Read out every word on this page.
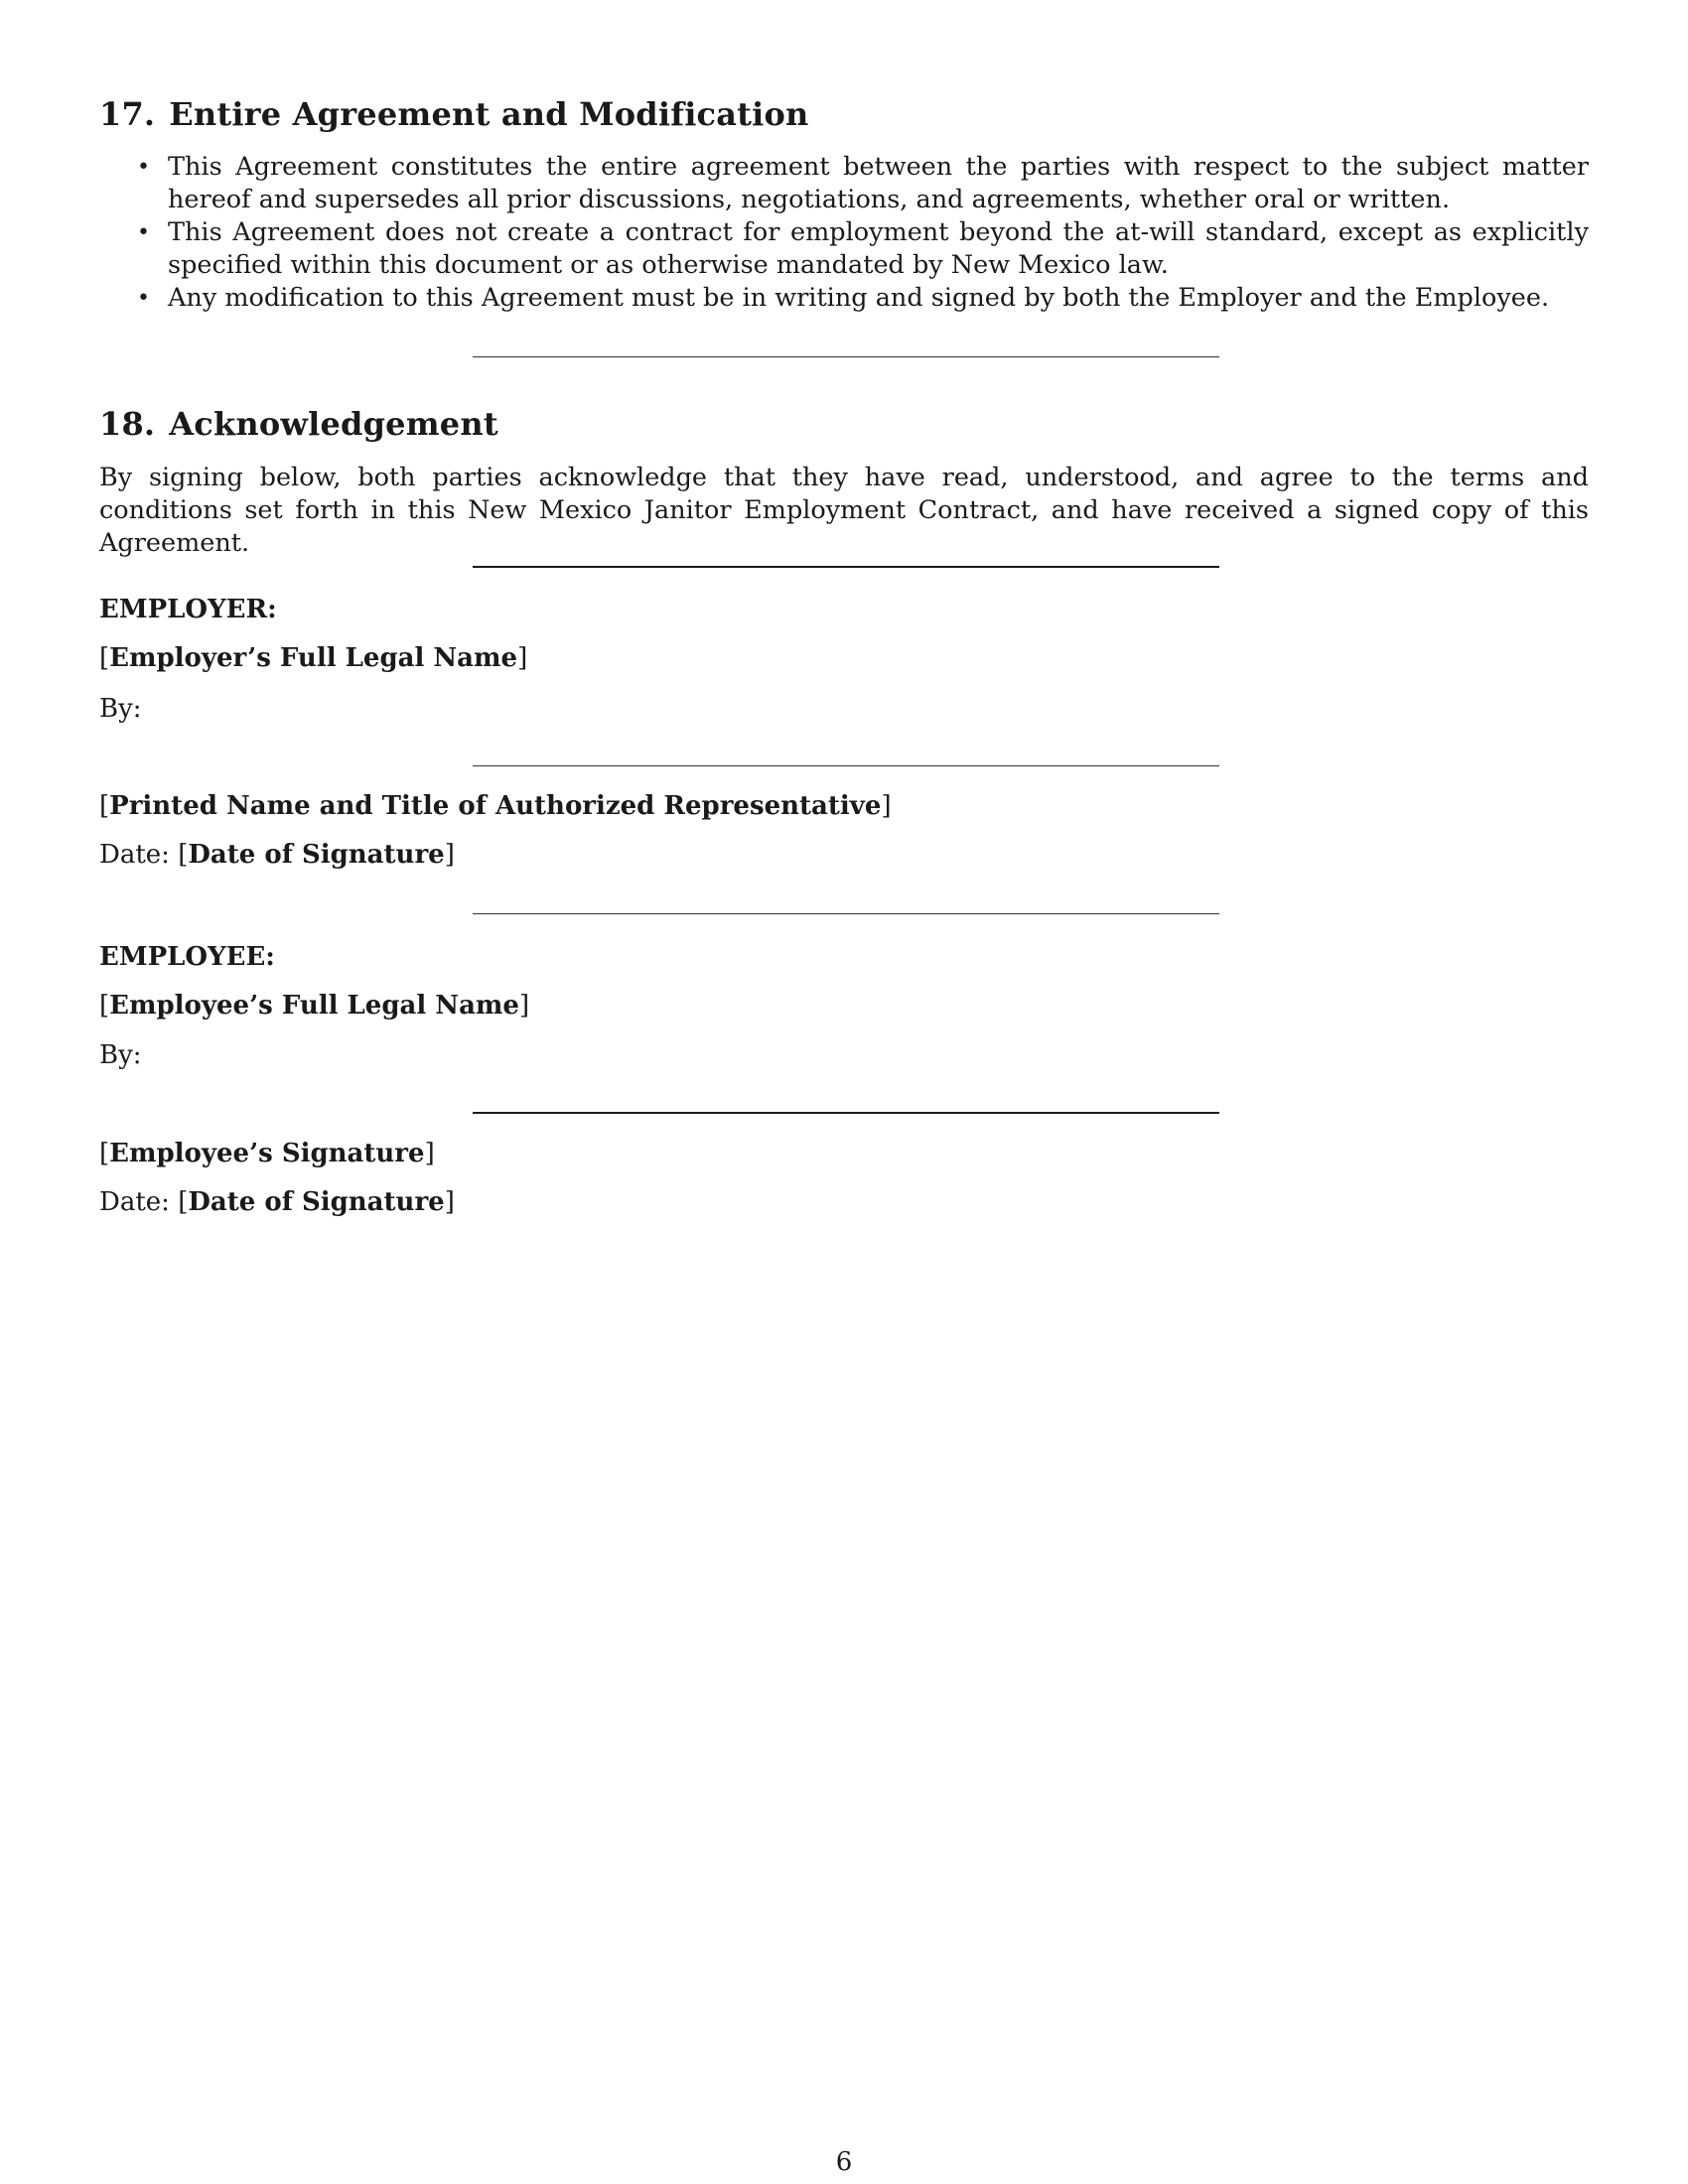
17. Entire Agreement and Modification
• This Agreement constitutes the entire agreement between the parties with respect to the subject matter hereof and supersedes all prior discussions, negotiations, and agreements, whether oral or written.
• This Agreement does not create a contract for employment beyond the at-will standard, except as explicitly specified within this document or as otherwise mandated by New Mexico law.
• Any modification to this Agreement must be in writing and signed by both the Employer and the Employee.
18. Acknowledgement

By signing below, both parties acknowledge that they have read, understood, and agree to the terms and conditions set forth in this New Mexico Janitor Employment Contract, and have received a signed copy of this Agreement.

EMPLOYER:

[Employer’s Full Legal Name]

By:

[Printed Name and Title of Authorized Representative]

Date: [Date of Signature]

EMPLOYEE:

[Employee’s Full Legal Name]

By:

[Employee’s Signature]

Date: [Date of Signature]

6
